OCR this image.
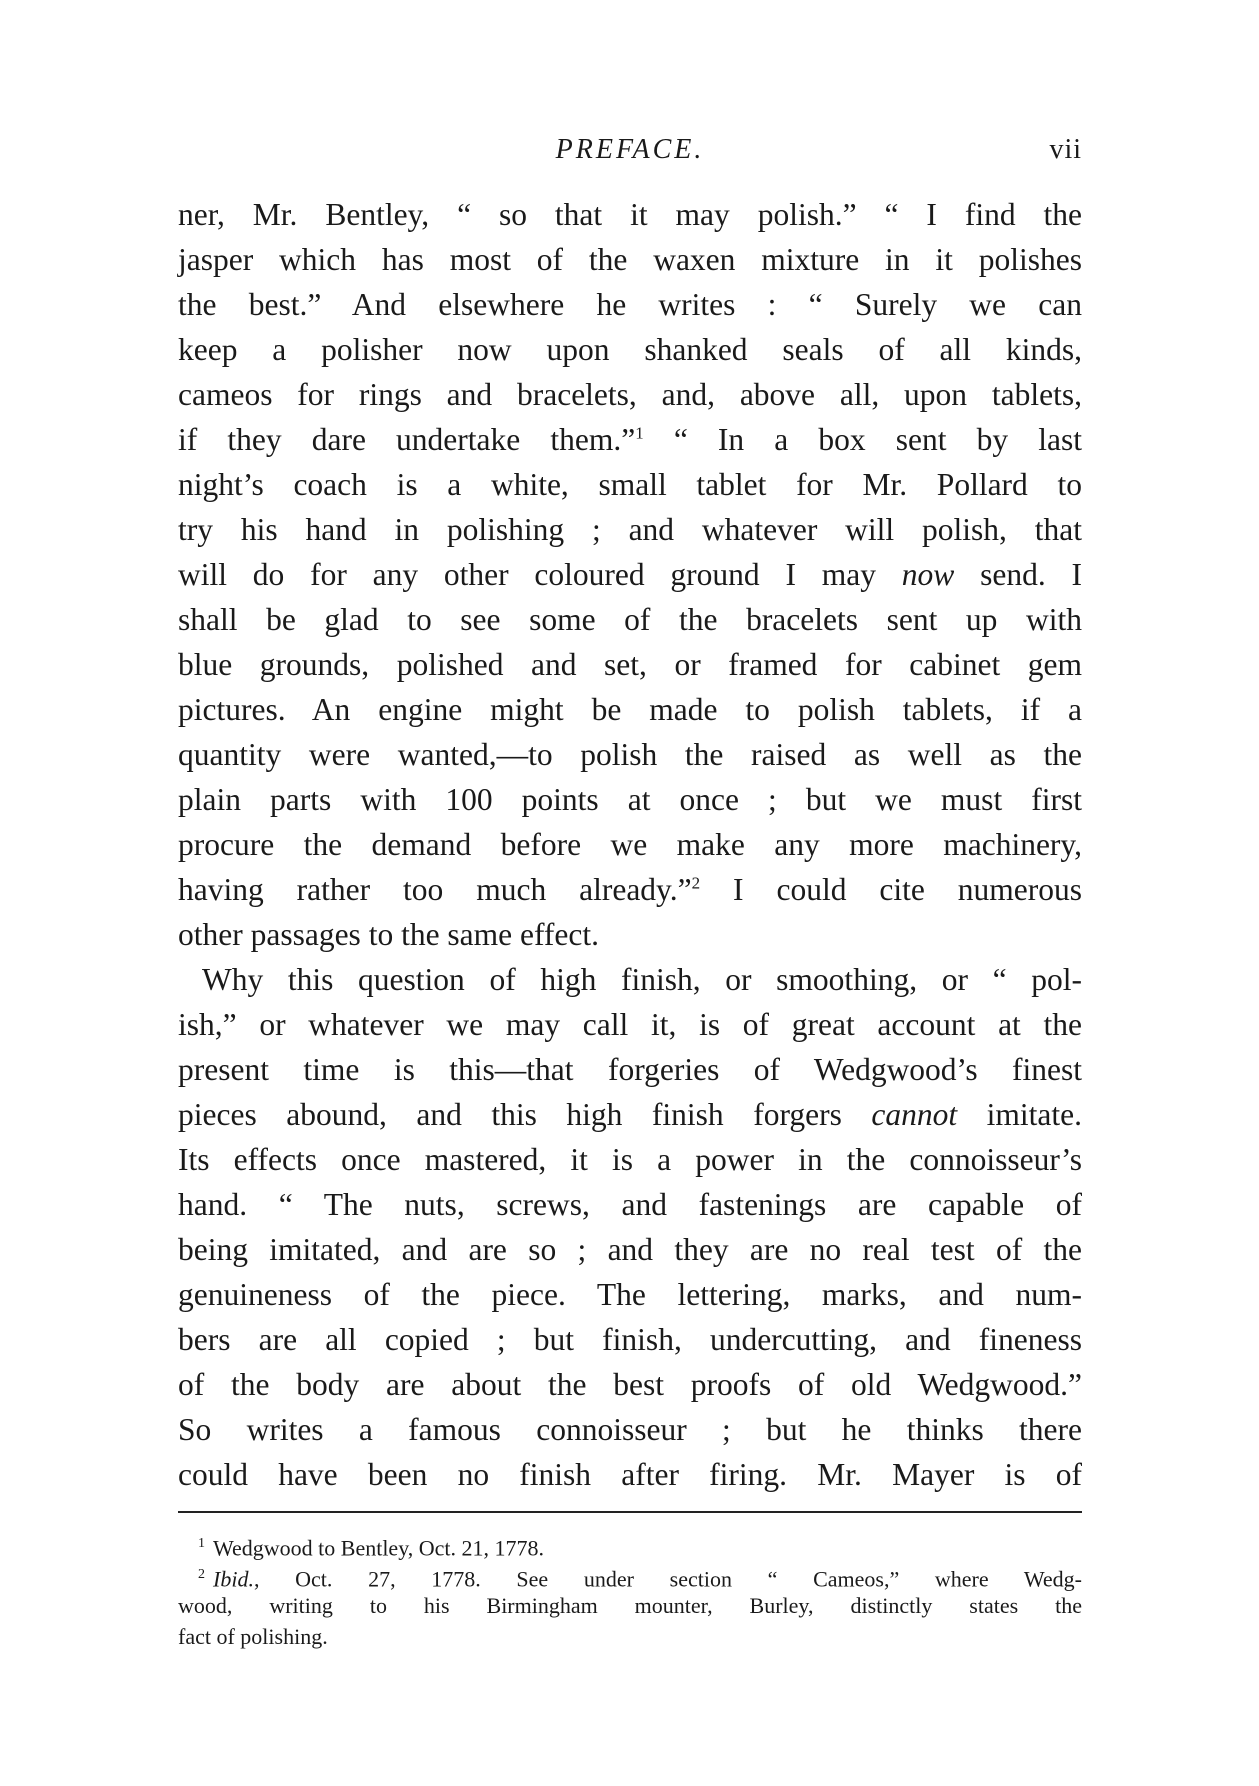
PREFACE.	vii
ner, Mr. Bentley, “ so that it may polish.” “ I find the
jasper which has most of the waxen mixture in it polishes
the best.” And elsewhere he writes : “ Surely we can
keep a polisher now upon shanked seals of all kinds,
cameos for rings and bracelets, and, above all, upon tablets,
if they dare undertake them.”$^1$ “ In a box sent by last
night’s coach is a white, small tablet for Mr. Pollard to
try his hand in polishing ; and whatever will polish, that
will do for any other coloured ground I may now send. I
shall be glad to see some of the bracelets sent up with
blue grounds, polished and set, or framed for cabinet gem
pictures. An engine might be made to polish tablets, if a
quantity were wanted,—to polish the raised as well as the
plain parts with 100 points at once ; but we must first
procure the demand before we make any more machinery,
having rather too much already.”$^2$ I could cite numerous
other passages to the same effect.
Why this question of high finish, or smoothing, or “ pol-
ish,” or whatever we may call it, is of great account at the
present time is this—that forgeries of Wedgwood’s finest
pieces abound, and this high finish forgers cannot imitate.
Its effects once mastered, it is a power in the connoisseur’s
hand. “ The nuts, screws, and fastenings are capable of
being imitated, and are so ; and they are no real test of the
genuineness of the piece. The lettering, marks, and num-
bers are all copied ; but finish, undercutting, and fineness
of the body are about the best proofs of old Wedgwood.”
So writes a famous connoisseur ; but he thinks there
could have been no finish after firing. Mr. Mayer is of
$^1$ Wedgwood to Bentley, Oct. 21, 1778.
$^2$ Ibid., Oct. 27, 1778. See under section “ Cameos,” where Wedg-
wood, writing to his Birmingham mounter, Burley, distinctly states the
fact of polishing.
